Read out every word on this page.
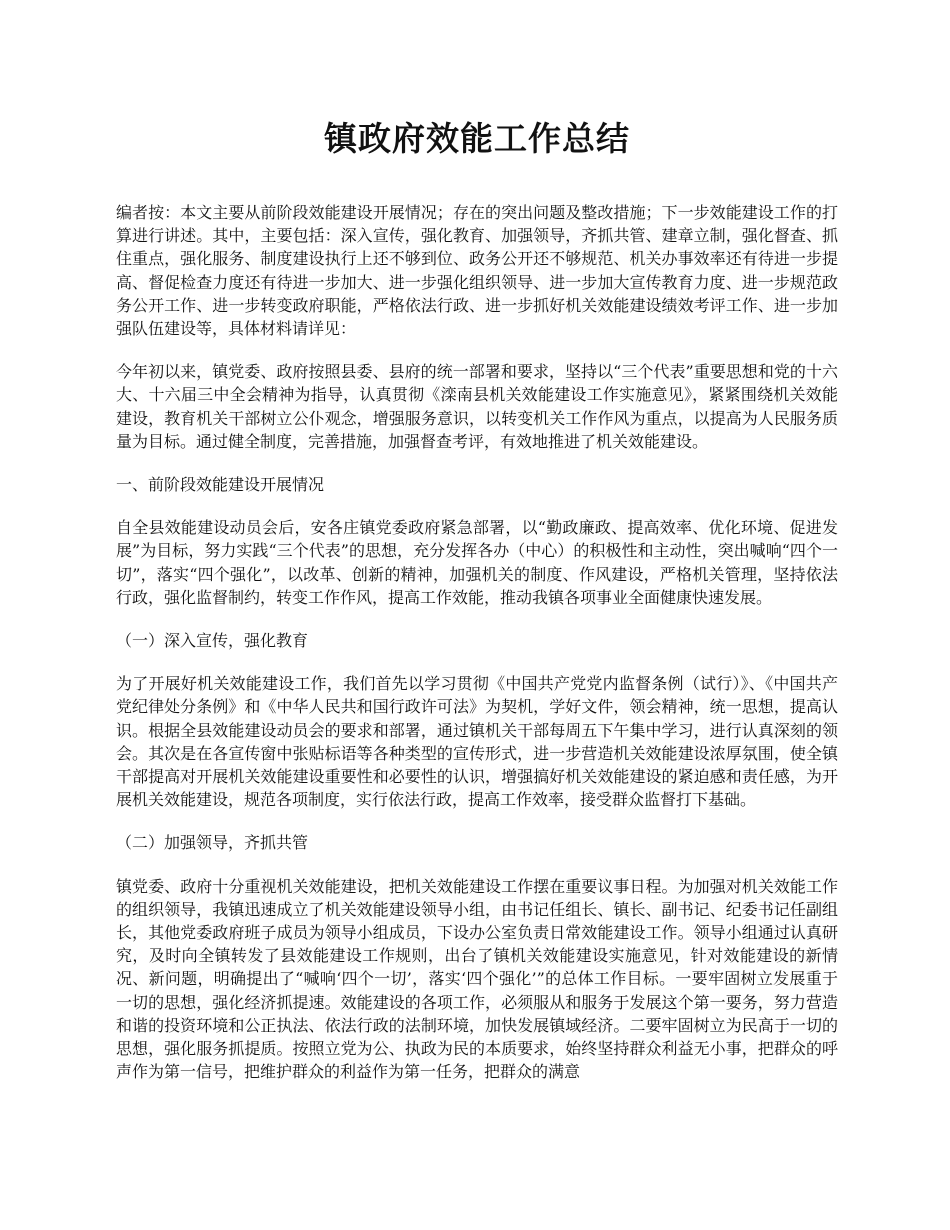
镇政府效能工作总结

编者按：本文主要从前阶段效能建设开展情况；存在的突出问题及整改措施；下一步效能建设工作的打算进行讲述。其中，主要包括：深入宣传，强化教育、加强领导，齐抓共管、建章立制，强化督查、抓住重点，强化服务、制度建设执行上还不够到位、政务公开还不够规范、机关办事效率还有待进一步提高、督促检查力度还有待进一步加大、进一步强化组织领导、进一步加大宣传教育力度、进一步规范政务公开工作、进一步转变政府职能，严格依法行政、进一步抓好机关效能建设绩效考评工作、进一步加强队伍建设等，具体材料请详见：

今年初以来，镇党委、政府按照县委、县府的统一部署和要求，坚持以“三个代表”重要思想和党的十六大、十六届三中全会精神为指导，认真贯彻《滦南县机关效能建设工作实施意见》，紧紧围绕机关效能建设，教育机关干部树立公仆观念，增强服务意识，以转变机关工作作风为重点，以提高为人民服务质量为目标。通过健全制度，完善措施，加强督查考评，有效地推进了机关效能建设。

一、前阶段效能建设开展情况

自全县效能建设动员会后，安各庄镇党委政府紧急部署，以“勤政廉政、提高效率、优化环境、促进发展”为目标，努力实践“三个代表”的思想，充分发挥各办（中心）的积极性和主动性，突出喊响“四个一切”，落实“四个强化”，以改革、创新的精神，加强机关的制度、作风建设，严格机关管理，坚持依法行政，强化监督制约，转变工作作风，提高工作效能，推动我镇各项事业全面健康快速发展。

（一）深入宣传，强化教育

为了开展好机关效能建设工作，我们首先以学习贯彻《中国共产党党内监督条例（试行）》、《中国共产党纪律处分条例》和《中华人民共和国行政许可法》为契机，学好文件，领会精神，统一思想，提高认识。根据全县效能建设动员会的要求和部署，通过镇机关干部每周五下午集中学习，进行认真深刻的领会。其次是在各宣传窗中张贴标语等各种类型的宣传形式，进一步营造机关效能建设浓厚氛围，使全镇干部提高对开展机关效能建设重要性和必要性的认识，增强搞好机关效能建设的紧迫感和责任感，为开展机关效能建设，规范各项制度，实行依法行政，提高工作效率，接受群众监督打下基础。

（二）加强领导，齐抓共管

镇党委、政府十分重视机关效能建设，把机关效能建设工作摆在重要议事日程。为加强对机关效能工作的组织领导，我镇迅速成立了机关效能建设领导小组，由书记任组长、镇长、副书记、纪委书记任副组长，其他党委政府班子成员为领导小组成员，下设办公室负责日常效能建设工作。领导小组通过认真研究，及时向全镇转发了县效能建设工作规则，出台了镇机关效能建设实施意见，针对效能建设的新情况、新问题，明确提出了“喊响‘四个一切’，落实‘四个强化’”的总体工作目标。一要牢固树立发展重于一切的思想，强化经济抓提速。效能建设的各项工作，必须服从和服务于发展这个第一要务，努力营造和谐的投资环境和公正执法、依法行政的法制环境，加快发展镇域经济。二要牢固树立为民高于一切的思想，强化服务抓提质。按照立党为公、执政为民的本质要求，始终坚持群众利益无小事，把群众的呼声作为第一信号，把维护群众的利益作为第一任务，把群众的满意
